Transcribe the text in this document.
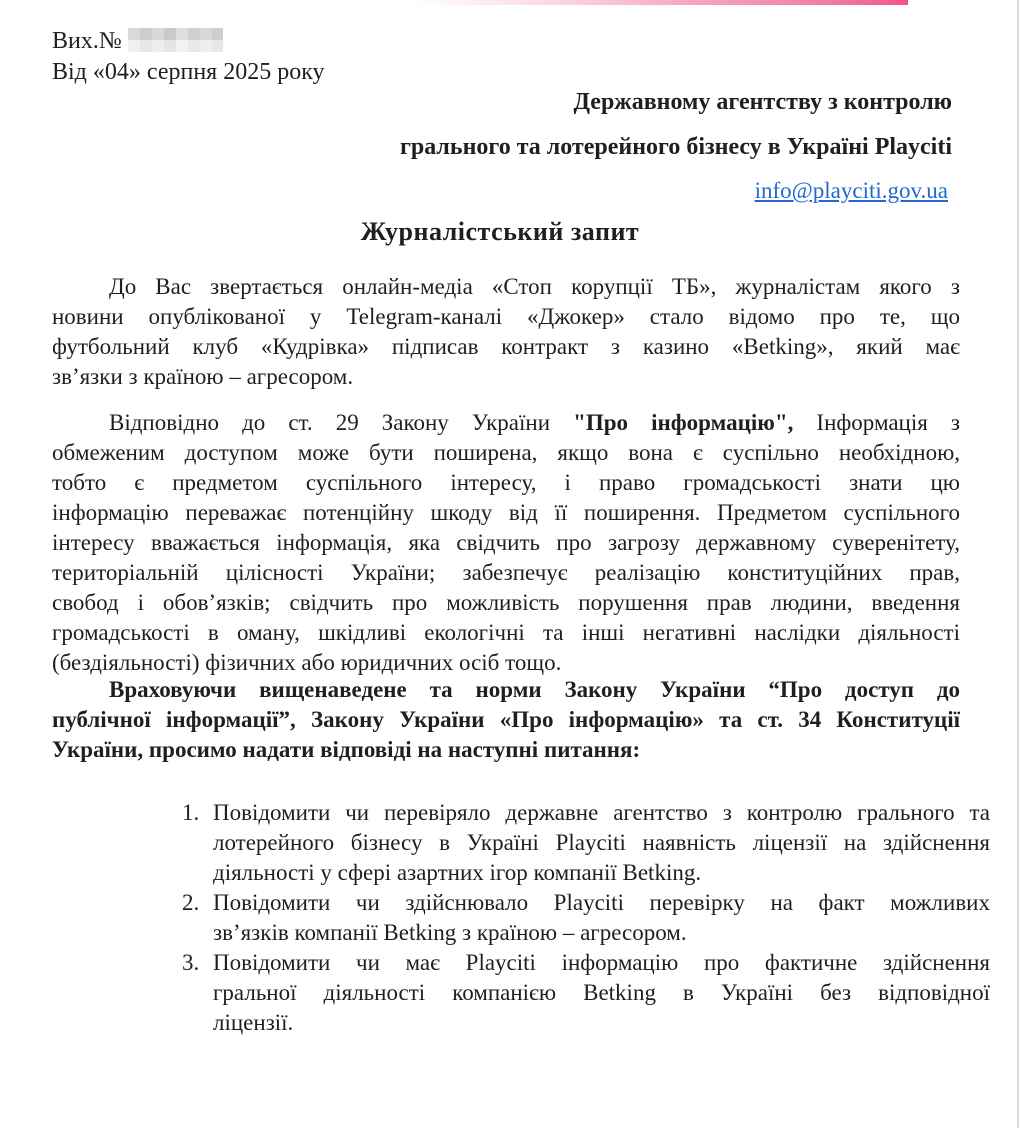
Вих.№
Від «04» серпня 2025 року
Державному агентству з контролю
грального та лотерейного бізнесу в Україні Playciti
info@playciti.gov.ua
Журналістський запит
До Вас звертається онлайн-медіа «Стоп корупції ТБ», журналістам якого з
новини опублікованої у Telegram-каналі «Джокер» стало відомо про те, що
футбольний клуб «Кудрівка» підписав контракт з казино «Betking», який має
зв’язки з країною – агресором.
Відповідно до ст. 29 Закону України "Про інформацію", Інформація з
обмеженим доступом може бути поширена, якщо вона є суспільно необхідною,
тобто є предметом суспільного інтересу, і право громадськості знати цю
інформацію переважає потенційну шкоду від її поширення. Предметом суспільного
інтересу вважається інформація, яка свідчить про загрозу державному суверенітету,
територіальній цілісності України; забезпечує реалізацію конституційних прав,
свобод і обов’язків; свідчить про можливість порушення прав людини, введення
громадськості в оману, шкідливі екологічні та інші негативні наслідки діяльності
(бездіяльності) фізичних або юридичних осіб тощо.
Враховуючи вищенаведене та норми Закону України “Про доступ до
публічної інформації”, Закону України «Про інформацію» та ст. 34 Конституції
України, просимо надати відповіді на наступні питання:
1. Повідомити чи перевіряло державне агентство з контролю грального та
лотерейного бізнесу в Україні Playciti наявність ліцензії на здійснення
діяльності у сфері азартних ігор компанії Betking.
2. Повідомити чи здійснювало Playciti перевірку на факт можливих
зв’язків компанії Betking з країною – агресором.
3. Повідомити чи має Playciti інформацію про фактичне здійснення
гральної діяльності компанією Betking в Україні без відповідної
ліцензії.
